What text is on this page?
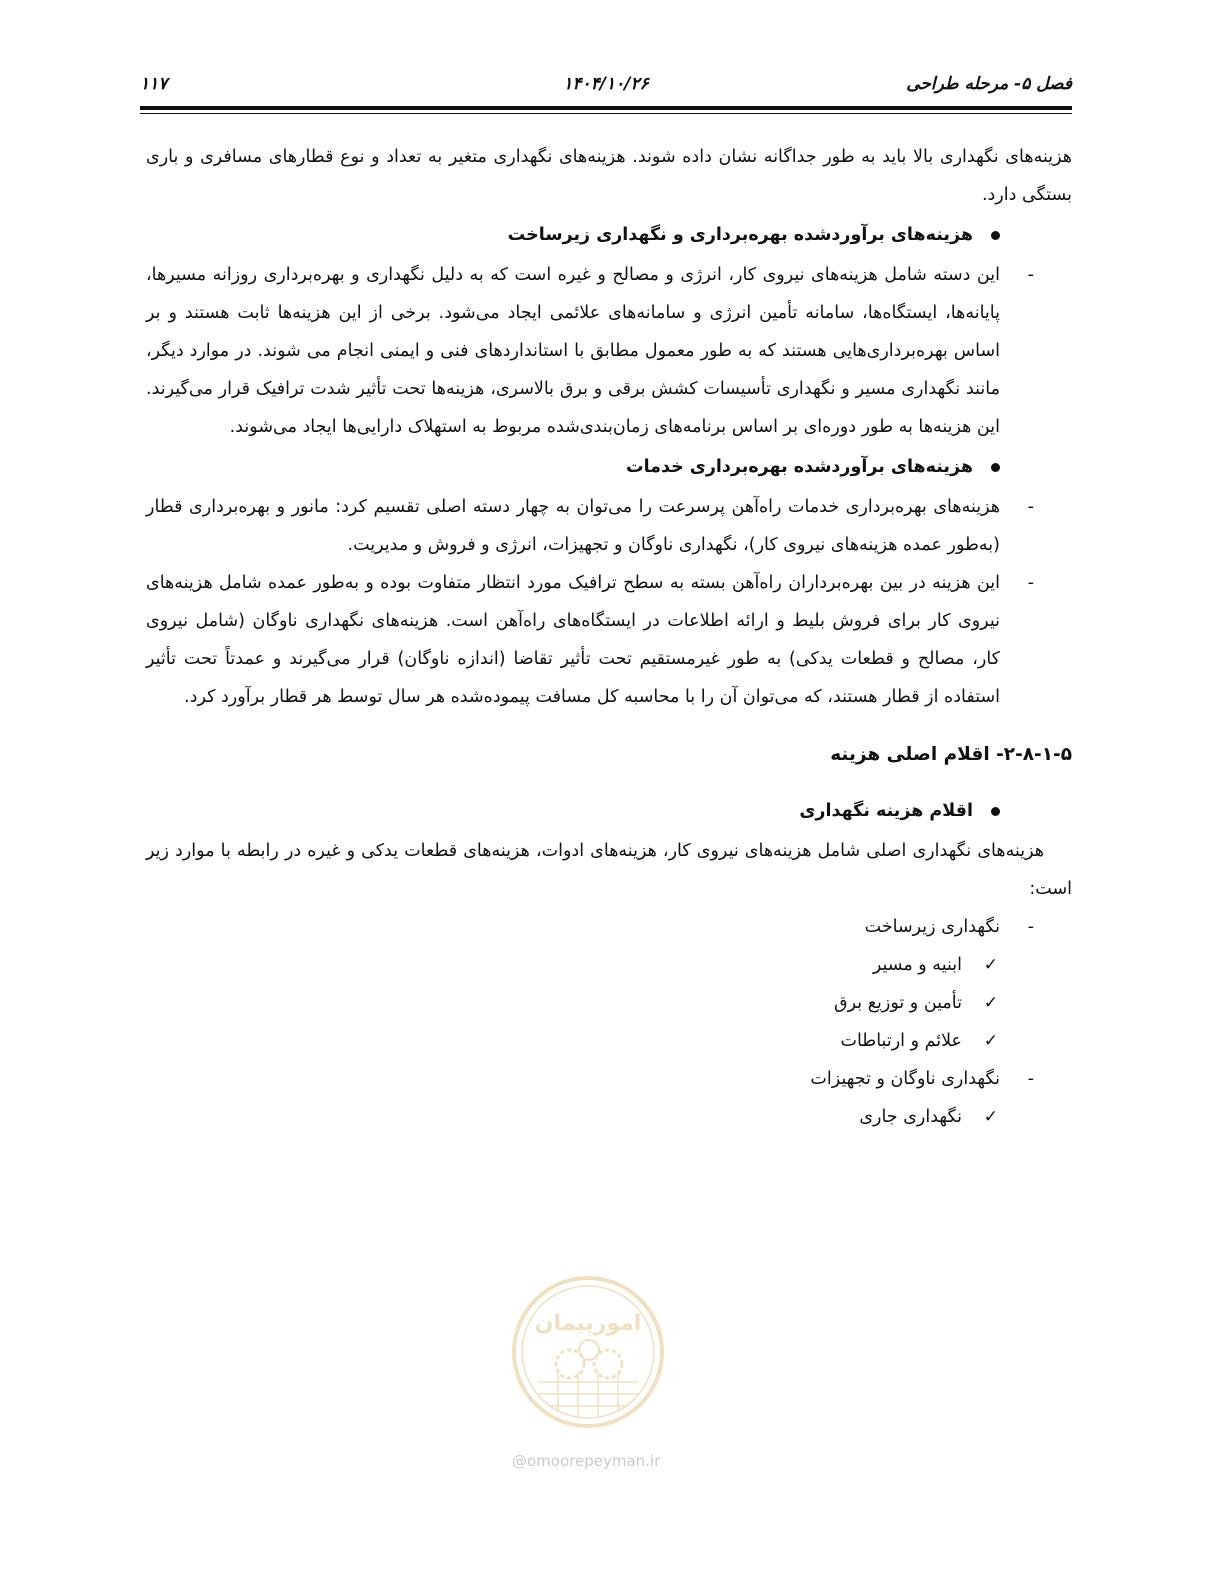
فصل ۵- مرحله طراحی
۱۴۰۴/۱۰/۲۶
۱۱۷

هزینه‌های نگهداری بالا باید به طور جداگانه نشان داده شوند. هزینه‌های نگهداری متغیر به تعداد و نوع قطارهای مسافری و باری بستگی دارد.

هزینه‌های برآوردشده بهره‌برداری و نگهداری زیرساخت

-
این دسته شامل هزینه‌های نیروی کار، انرژی و مصالح و غیره است که به دلیل نگهداری و بهره‌برداری روزانه مسیرها، پایانه‌ها، ایستگاه‌ها، سامانه تأمین انرژی و سامانه‌های علائمی ایجاد می‌شود. برخی از این هزینه‌ها ثابت هستند و بر اساس بهره‌برداری‌هایی هستند که به طور معمول مطابق با استانداردهای فنی و ایمنی انجام می شوند. در موارد دیگر، مانند نگهداری مسیر و نگهداری تأسیسات کشش برقی و برق بالاسری، هزینه‌ها تحت تأثیر شدت ترافیک قرار می‌گیرند. این هزینه‌ها به طور دوره‌ای بر اساس برنامه‌های زمان‌بندی‌شده مربوط به استهلاک دارایی‌ها ایجاد می‌شوند.

هزینه‌های برآوردشده بهره‌برداری خدمات

-
هزینه‌های بهره‌برداری خدمات راه‌آهن پرسرعت را می‌توان به چهار دسته اصلی تقسیم کرد: مانور و بهره‌برداری قطار (به‌طور عمده هزینه‌های نیروی کار)، نگهداری ناوگان و تجهیزات، انرژی و فروش و مدیریت.

-
این هزینه در بین بهره‌برداران راه‌آهن بسته به سطح ترافیک مورد انتظار متفاوت بوده و به‌طور عمده شامل هزینه‌های نیروی کار برای فروش بلیط و ارائه اطلاعات در ایستگاه‌های راه‌آهن است. هزینه‌های نگهداری ناوگان (شامل نیروی کار، مصالح و قطعات یدکی) به طور غیرمستقیم تحت تأثیر تقاضا (اندازه ناوگان) قرار می‌گیرند و عمدتاً تحت تأثیر استفاده از قطار هستند، که می‌توان آن را با محاسبه کل مسافت پیموده‌شده هر سال توسط هر قطار برآورد کرد.

۲-۸-۱-۵- اقلام اصلی هزینه

اقلام هزینه نگهداری

هزینه‌های نگهداری اصلی شامل هزینه‌های نیروی کار، هزینه‌های ادوات، هزینه‌های قطعات یدکی و غیره در رابطه با موارد زیر است:

-
نگهداری زیرساخت

✓
ابنیه و مسیر

✓
تأمین و توزیع برق

✓
علائم و ارتباطات

-
نگهداری ناوگان و تجهیزات

✓
نگهداری جاری

امورپیمان
@omoorepeyman.ir
